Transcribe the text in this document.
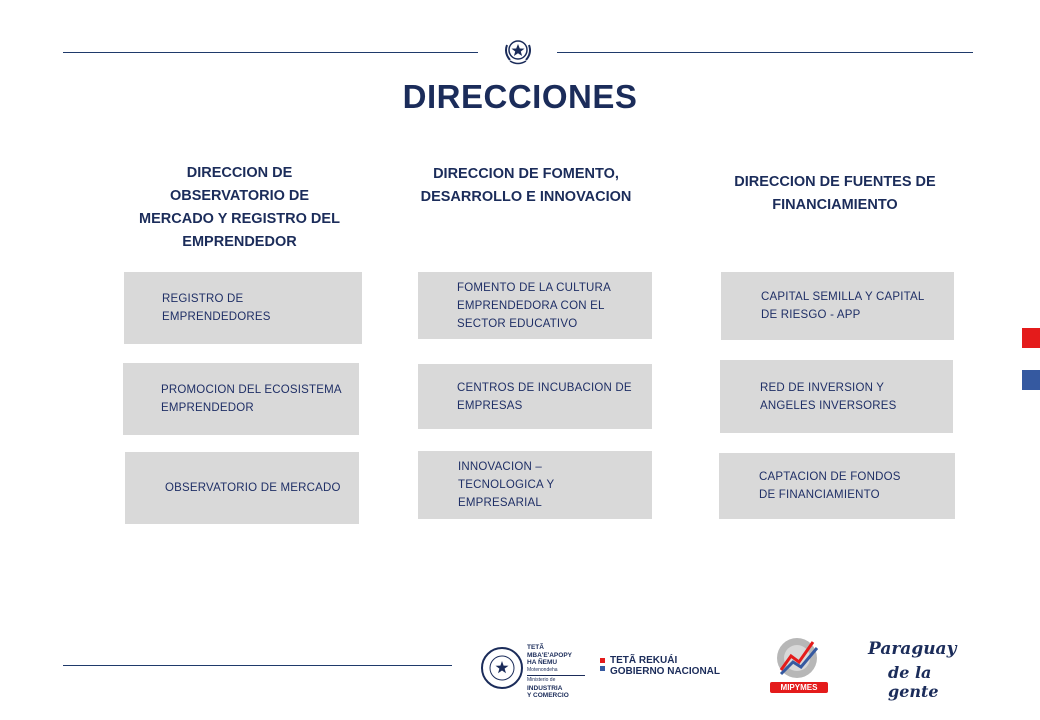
DIRECCIONES
DIRECCION DE OBSERVATORIO DE MERCADO Y REGISTRO DEL EMPRENDEDOR
DIRECCION DE FOMENTO, DESARROLLO E INNOVACION
DIRECCION DE FUENTES DE FINANCIAMIENTO
REGISTRO DE EMPRENDEDORES
PROMOCION DEL ECOSISTEMA EMPRENDEDOR
OBSERVATORIO DE MERCADO
FOMENTO DE LA CULTURA EMPRENDEDORA CON EL SECTOR EDUCATIVO
CENTROS DE INCUBACION DE EMPRESAS
INNOVACION – TECNOLOGICA Y EMPRESARIAL
CAPITAL SEMILLA Y CAPITAL DE RIESGO - APP
RED DE INVERSION Y ANGELES INVERSORES
CAPTACION DE FONDOS DE FINANCIAMIENTO
TETÃ MBA'E'APOPY
HA ÑEMU
Motenondeha
Ministerio de
INDUSTRIA
Y COMERCIO
TETÃ REKUÁI
GOBIERNO NACIONAL
MIPYMES
Paraguay
de la gente
